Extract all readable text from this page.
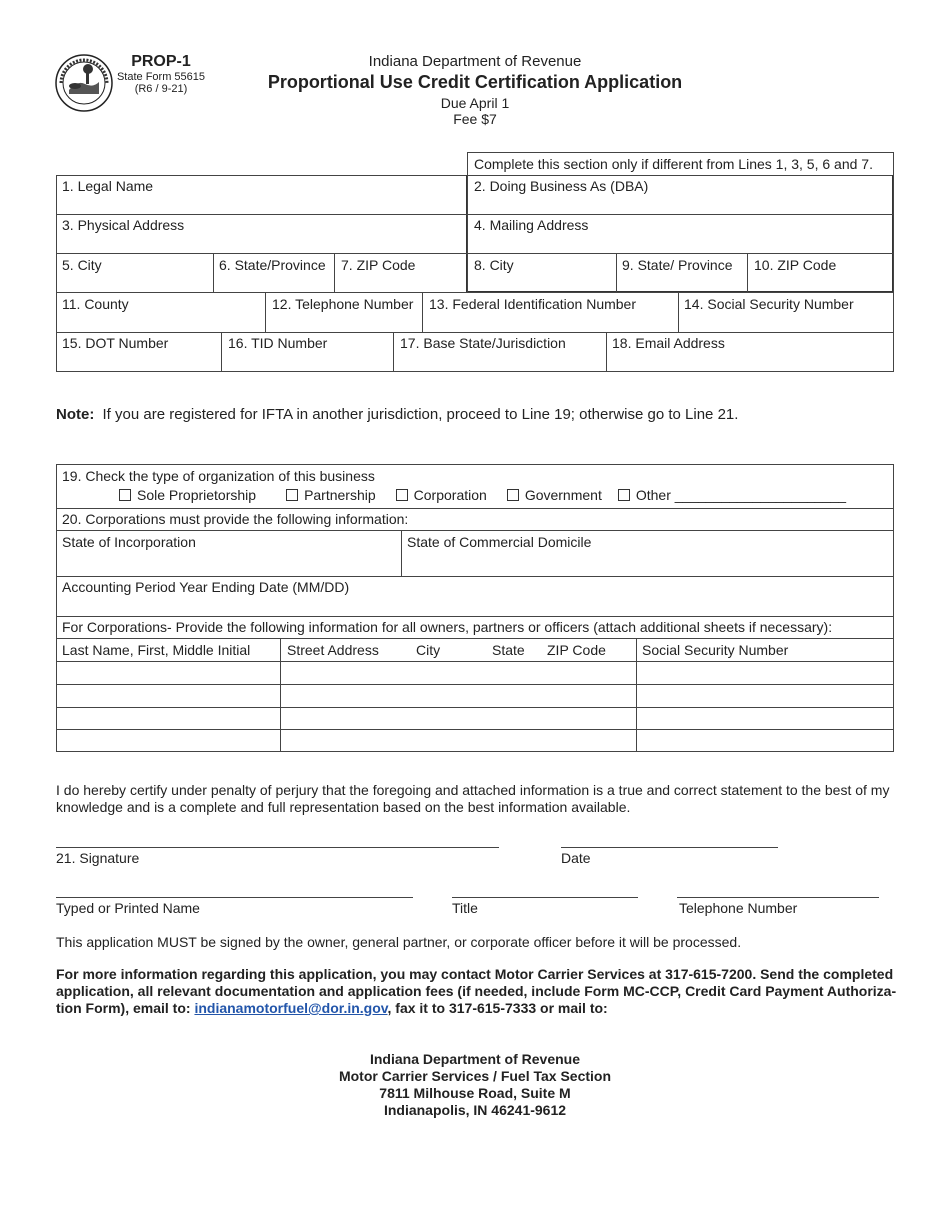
PROP-1
State Form 55615
(R6 / 9-21)
Indiana Department of Revenue
Proportional Use Credit Certification Application
Due April 1
Fee $7
Complete this section only if different from Lines 1, 3, 5, 6 and 7.
1. Legal Name	2. Doing Business As (DBA)
3. Physical Address	4. Mailing Address
5. City	6. State/Province 7. ZIP Code	8. City	9. State/ Province 10. ZIP Code
11. County	12. Telephone Number 13. Federal Identification Number	14. Social Security Number
15. DOT Number	16. TID Number	17. Base State/Jurisdiction	18. Email Address
Note: If you are registered for IFTA in another jurisdiction, proceed to Line 19; otherwise go to Line 21.
19. Check the type of organization of this business
Sole Proprietorship	Partnership	Corporation	Government Other ______________________
20. Corporations must provide the following information:
State of Incorporation	State of Commercial Domicile
Accounting Period Year Ending Date (MM/DD)
For Corporations- Provide the following information for all owners, partners or officers (attach additional sheets if necessary):
Last Name, First, Middle Initial	Street Address	City	State ZIP Code	Social Security Number
I do hereby certify under penalty of perjury that the foregoing and attached information is a true and correct statement to the best of my knowledge and is a complete and full representation based on the best information available.
21. Signature	Date
Typed or Printed Name	Title	Telephone Number
This application MUST be signed by the owner, general partner, or corporate officer before it will be processed.
For more information regarding this application, you may contact Motor Carrier Services at 317-615-7200. Send the completed application, all relevant documentation and application fees (if needed, include Form MC-CCP, Credit Card Payment Authoriza-tion Form), email to: indianamotorfuel@dor.in.gov, fax it to 317-615-7333 or mail to:
Indiana Department of Revenue
Motor Carrier Services / Fuel Tax Section
7811 Milhouse Road, Suite M
Indianapolis, IN 46241-9612
